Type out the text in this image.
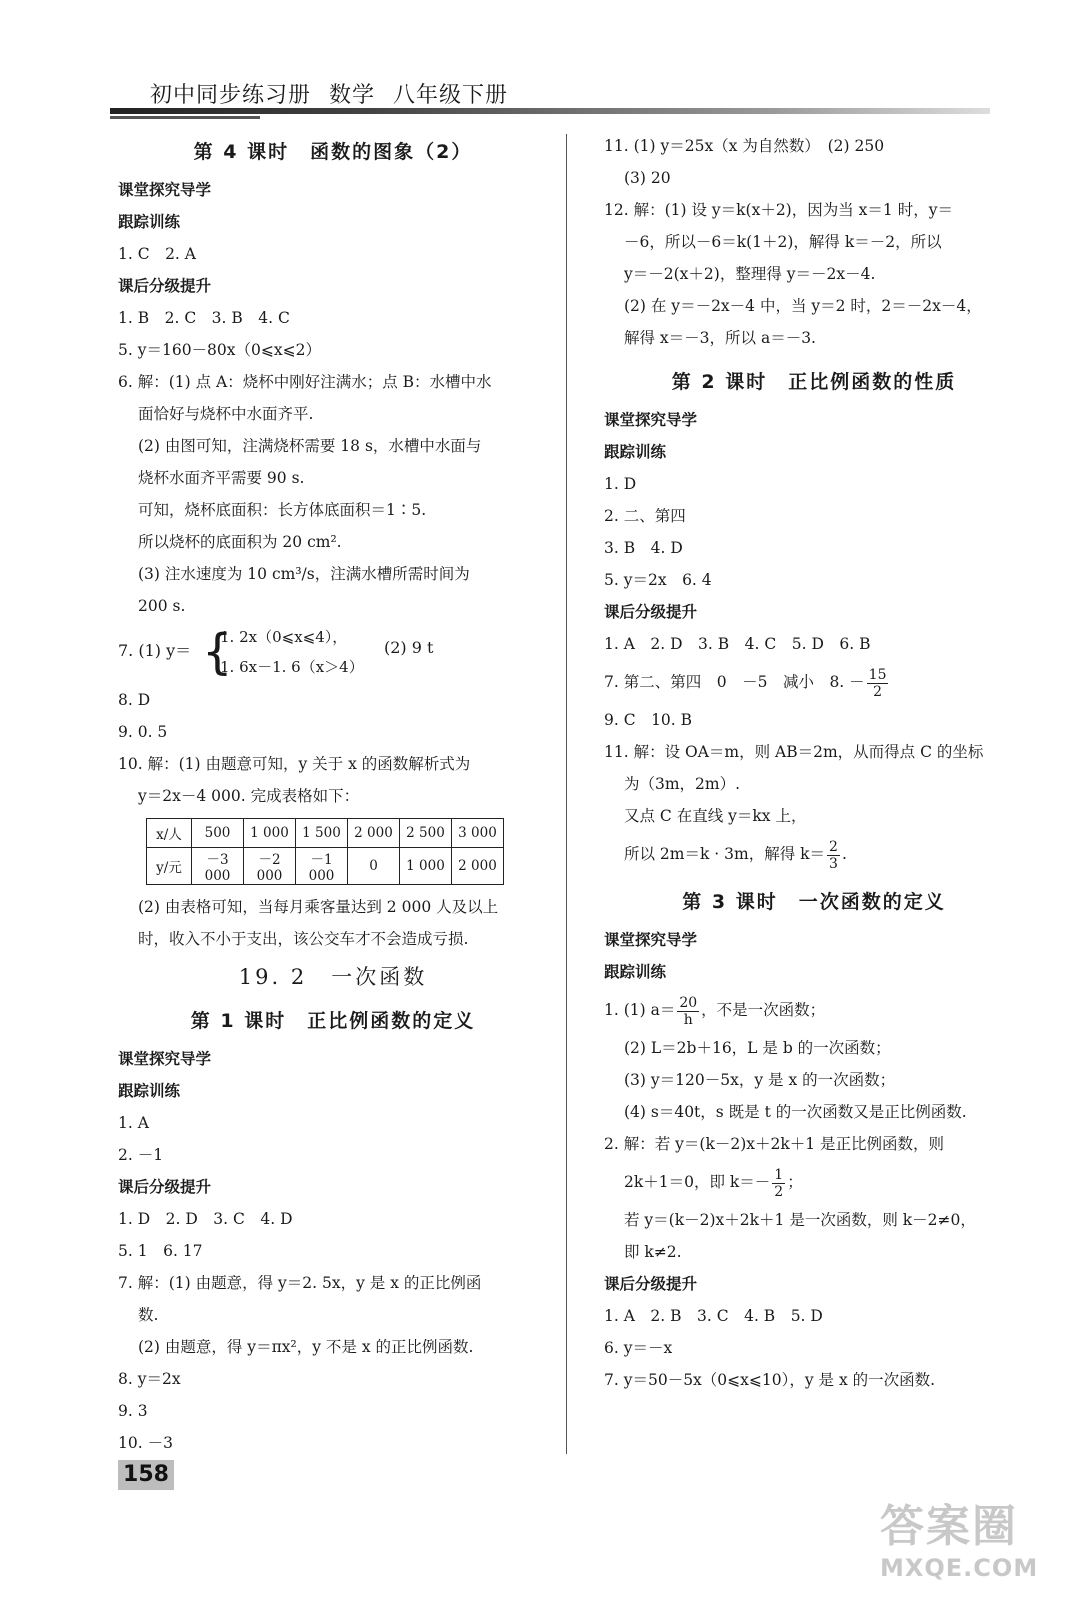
初中同步练习册 数学 八年级下册
第 4 课时　函数的图象（2）
课堂探究导学
跟踪训练
1. C　2. A
课后分级提升
1. B　2. C　3. B　4. C
5. y＝160－80x（0⩽x⩽2）
6. 解：(1) 点 A：烧杯中刚好注满水；点 B：水槽中水
面恰好与烧杯中水面齐平.
(2) 由图可知，注满烧杯需要 18 s，水槽中水面与
烧杯水面齐平需要 90 s.
可知，烧杯底面积：长方体底面积＝1∶5.
所以烧杯的底面积为 20 cm².
(3) 注水速度为 10 cm³/s，注满水槽所需时间为
200 s.
7. (1) y＝ {
1. 2x（0⩽x⩽4），
1. 6x－1. 6（x＞4）
(2) 9 t
8. D
9. 0. 5
10. 解：(1) 由题意可知，y 关于 x 的函数解析式为
y＝2x－4 000. 完成表格如下：
x/人	500	1 000	1 500	2 000	2 500	3 000
y/元	－3 000	－2 000	－1 000	0	1 000	2 000
(2) 由表格可知，当每月乘客量达到 2 000 人及以上
时，收入不小于支出，该公交车才不会造成亏损.
19. 2　一次函数
第 1 课时　正比例函数的定义
课堂探究导学
跟踪训练
1. A
2. －1
课后分级提升
1. D　2. D　3. C　4. D
5. 1　6. 17
7. 解：(1) 由题意，得 y＝2. 5x，y 是 x 的正比例函
数.
(2) 由题意，得 y＝πx²，y 不是 x 的正比例函数.
8. y＝2x
9. 3
10. －3
11. (1) y＝25x（x 为自然数）　(2) 250
(3) 20
12. 解：(1) 设 y＝k(x＋2)，因为当 x＝1 时，y＝
－6，所以－6＝k(1＋2)，解得 k＝－2，所以
y＝－2(x＋2)，整理得 y＝－2x－4.
(2) 在 y＝－2x－4 中，当 y＝2 时，2＝－2x－4，
解得 x＝－3，所以 a＝－3.
第 2 课时　正比例函数的性质
课堂探究导学
跟踪训练
1. D
2. 二、第四
3. B　4. D
5. y＝2x　6. 4
课后分级提升
1. A　2. D　3. B　4. C　5. D　6. B
7. 第二、第四　0　－5　减小　8. － $\frac{15}{2}$
9. C　10. B
11. 解：设 OA＝m，则 AB＝2m，从而得点 C 的坐标
为（3m，2m）.
又点 C 在直线 y＝kx 上，
所以 2m＝k · 3m，解得 $k= \frac{2}{3}$ .
第 3 课时　一次函数的定义
课堂探究导学
跟踪训练
1. (1) $a= \frac{20}{h}$ ，不是一次函数；
(2) L＝2b＋16，L 是 b 的一次函数；
(3) y＝120－5x，y 是 x 的一次函数；
(4) s＝40t，s 既是 t 的一次函数又是正比例函数.
2. 解：若 y＝(k－2)x＋2k＋1 是正比例函数，则
2k＋1＝0，即 $k=- \frac{1}{2}$ ；
若 y＝(k－2)x＋2k＋1 是一次函数，则 k－2≠0，
即 k≠2.
课后分级提升
1. A　2. B　3. C　4. B　5. D
6. y＝－x
7. y＝50－5x（0⩽x⩽10），y 是 x 的一次函数.
158
答案圈
MXQE.COM
